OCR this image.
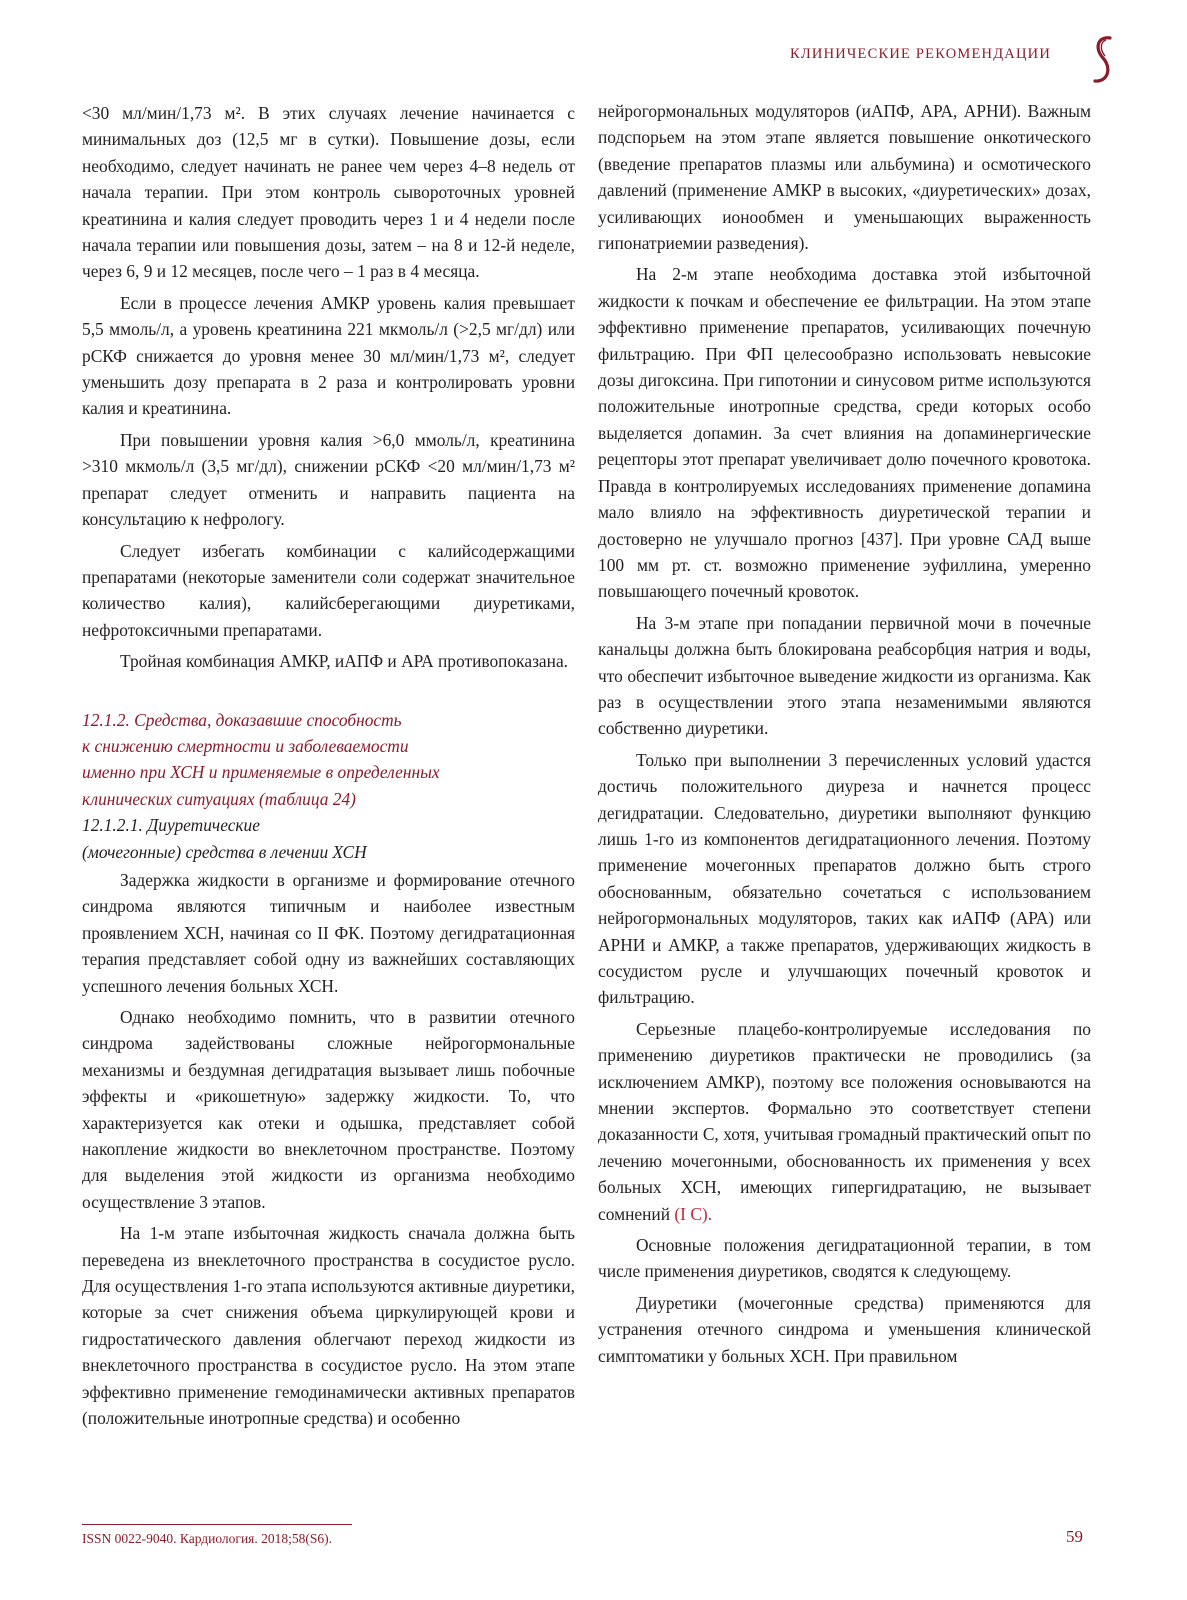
КЛИНИЧЕСКИЕ РЕКОМЕНДАЦИИ

<30 мл/мин/1,73 м². В этих случаях лечение начинается с минимальных доз (12,5 мг в сутки). Повышение дозы, если необходимо, следует начинать не ранее чем через 4–8 недель от начала терапии. При этом контроль сывороточных уровней креатинина и калия следует проводить через 1 и 4 недели после начала терапии или повышения дозы, затем – на 8 и 12-й неделе, через 6, 9 и 12 месяцев, после чего – 1 раз в 4 месяца.

Если в процессе лечения АМКР уровень калия превышает 5,5 ммоль/л, а уровень креатинина 221 мкмоль/л (>2,5 мг/дл) или рСКФ снижается до уровня менее 30 мл/мин/1,73 м², следует уменьшить дозу препарата в 2 раза и контролировать уровни калия и креатинина.

При повышении уровня калия >6,0 ммоль/л, креатинина >310 мкмоль/л (3,5 мг/дл), снижении рСКФ <20 мл/мин/1,73 м² препарат следует отменить и направить пациента на консультацию к нефрологу.

Следует избегать комбинации с калийсодержащими препаратами (некоторые заменители соли содержат значительное количество калия), калийсберегающими диуретиками, нефротоксичными препаратами.

Тройная комбинация АМКР, иАПФ и АРА противопоказана.

12.1.2. Средства, доказавшие способность
к снижению смертности и заболеваемости
именно при ХСН и применяемые в определенных
клинических ситуациях (таблица 24)
12.1.2.1. Диуретические
(мочегонные) средства в лечении ХСН

Задержка жидкости в организме и формирование отечного синдрома являются типичным и наиболее известным проявлением ХСН, начиная со II ФК. Поэтому дегидратационная терапия представляет собой одну из важнейших составляющих успешного лечения больных ХСН.

Однако необходимо помнить, что в развитии отечного синдрома задействованы сложные нейрогормональные механизмы и бездумная дегидратация вызывает лишь побочные эффекты и «рикошетную» задержку жидкости. То, что характеризуется как отеки и одышка, представляет собой накопление жидкости во внеклеточном пространстве. Поэтому для выделения этой жидкости из организма необходимо осуществление 3 этапов.

На 1-м этапе избыточная жидкость сначала должна быть переведена из внеклеточного пространства в сосудистое русло. Для осуществления 1-го этапа используются активные диуретики, которые за счет снижения объема циркулирующей крови и гидростатического давления облегчают переход жидкости из внеклеточного пространства в сосудистое русло. На этом этапе эффективно применение гемодинамически активных препаратов (положительные инотропные средства) и особенно

нейрогормональных модуляторов (иАПФ, АРА, АРНИ). Важным подспорьем на этом этапе является повышение онкотического (введение препаратов плазмы или альбумина) и осмотического давлений (применение АМКР в высоких, «диуретических» дозах, усиливающих ионообмен и уменьшающих выраженность гипонатриемии разведения).

На 2-м этапе необходима доставка этой избыточной жидкости к почкам и обеспечение ее фильтрации. На этом этапе эффективно применение препаратов, усиливающих почечную фильтрацию. При ФП целесообразно использовать невысокие дозы дигоксина. При гипотонии и синусовом ритме используются положительные инотропные средства, среди которых особо выделяется допамин. За счет влияния на допаминергические рецепторы этот препарат увеличивает долю почечного кровотока. Правда в контролируемых исследованиях применение допамина мало влияло на эффективность диуретической терапии и достоверно не улучшало прогноз [437]. При уровне САД выше 100 мм рт. ст. возможно применение эуфиллина, умеренно повышающего почечный кровоток.

На 3-м этапе при попадании первичной мочи в почечные канальцы должна быть блокирована реабсорбция натрия и воды, что обеспечит избыточное выведение жидкости из организма. Как раз в осуществлении этого этапа незаменимыми являются собственно диуретики.

Только при выполнении 3 перечисленных условий удастся достичь положительного диуреза и начнется процесс дегидратации. Следовательно, диуретики выполняют функцию лишь 1-го из компонентов дегидратационного лечения. Поэтому применение мочегонных препаратов должно быть строго обоснованным, обязательно сочетаться с использованием нейрогормональных модуляторов, таких как иАПФ (АРА) или АРНИ и АМКР, а также препаратов, удерживающих жидкость в сосудистом русле и улучшающих почечный кровоток и фильтрацию.

Серьезные плацебо-контролируемые исследования по применению диуретиков практически не проводились (за исключением АМКР), поэтому все положения основываются на мнении экспертов. Формально это соответствует степени доказанности С, хотя, учитывая громадный практический опыт по лечению мочегонными, обоснованность их применения у всех больных ХСН, имеющих гипергидратацию, не вызывает сомнений (I C).

Основные положения дегидратационной терапии, в том числе применения диуретиков, сводятся к следующему.

Диуретики (мочегонные средства) применяются для устранения отечного синдрома и уменьшения клинической симптоматики у больных ХСН. При правильном

ISSN 0022-9040. Кардиология. 2018;58(S6).	59
